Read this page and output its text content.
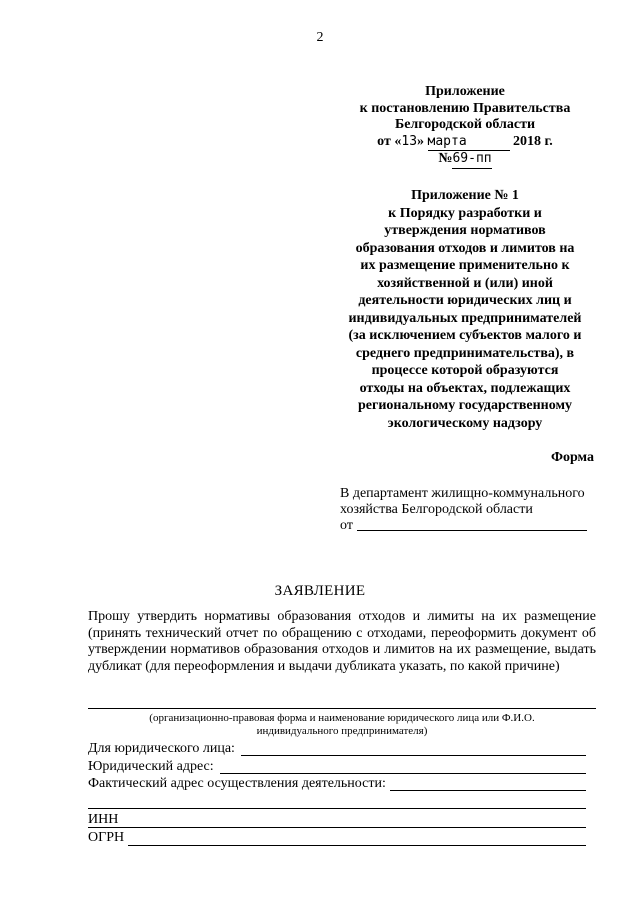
2
Приложение
к постановлению Правительства
Белгородской области
от «13» марта	2018 г.
№69-пп
Приложение № 1
к Порядку разработки и
утверждения нормативов
образования отходов и лимитов на
их размещение применительно к
хозяйственной и (или) иной
деятельности юридических лиц и
индивидуальных предпринимателей
(за исключением субъектов малого и
среднего предпринимательства), в
процессе которой образуются
отходы на объектах, подлежащих
региональному государственному
экологическому надзору
Форма
В департамент жилищно-коммунального
хозяйства Белгородской области
от
ЗАЯВЛЕНИЕ
Прошу утвердить нормативы образования отходов и лимиты на их размещение (принять технический отчет по обращению с отходами, переоформить документ об утверждении нормативов образования отходов и лимитов на их размещение, выдать дубликат (для переоформления и выдачи дубликата указать, по какой причине)
(организационно-правовая форма и наименование юридического лица или Ф.И.О.
индивидуального предпринимателя)
Для юридического лица:
Юридический адрес:
Фактический адрес осуществления деятельности:
ИНН
ОГРН
